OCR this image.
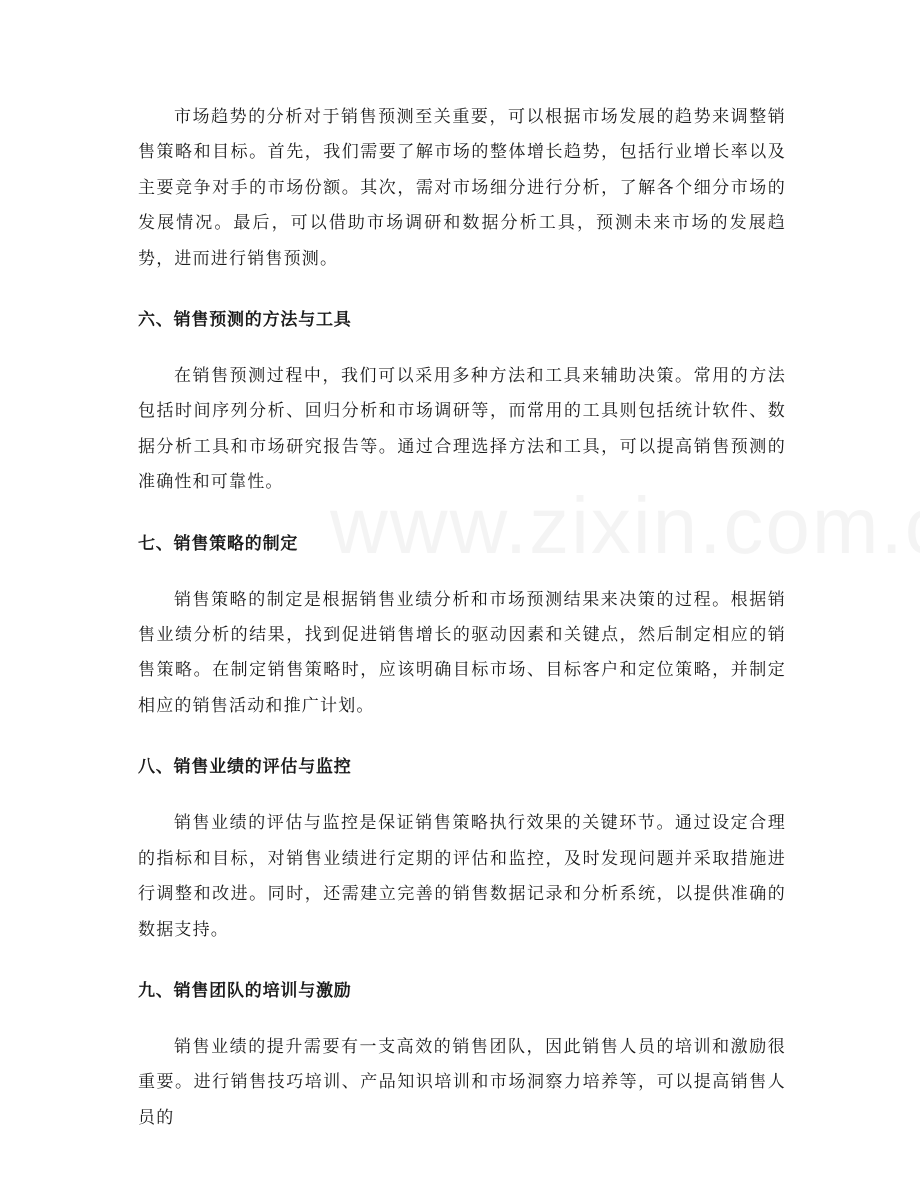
市场趋势的分析对于销售预测至关重要，可以根据市场发展的趋势来调整销售策略和目标。首先，我们需要了解市场的整体增长趋势，包括行业增长率以及主要竞争对手的市场份额。其次，需对市场细分进行分析，了解各个细分市场的发展情况。最后，可以借助市场调研和数据分析工具，预测未来市场的发展趋势，进而进行销售预测。

六、销售预测的方法与工具

在销售预测过程中，我们可以采用多种方法和工具来辅助决策。常用的方法包括时间序列分析、回归分析和市场调研等，而常用的工具则包括统计软件、数据分析工具和市场研究报告等。通过合理选择方法和工具，可以提高销售预测的准确性和可靠性。

七、销售策略的制定

销售策略的制定是根据销售业绩分析和市场预测结果来决策的过程。根据销售业绩分析的结果，找到促进销售增长的驱动因素和关键点，然后制定相应的销售策略。在制定销售策略时，应该明确目标市场、目标客户和定位策略，并制定相应的销售活动和推广计划。

八、销售业绩的评估与监控

销售业绩的评估与监控是保证销售策略执行效果的关键环节。通过设定合理的指标和目标，对销售业绩进行定期的评估和监控，及时发现问题并采取措施进行调整和改进。同时，还需建立完善的销售数据记录和分析系统，以提供准确的数据支持。

九、销售团队的培训与激励

销售业绩的提升需要有一支高效的销售团队，因此销售人员的培训和激励很重要。进行销售技巧培训、产品知识培训和市场洞察力培养等，可以提高销售人员的
